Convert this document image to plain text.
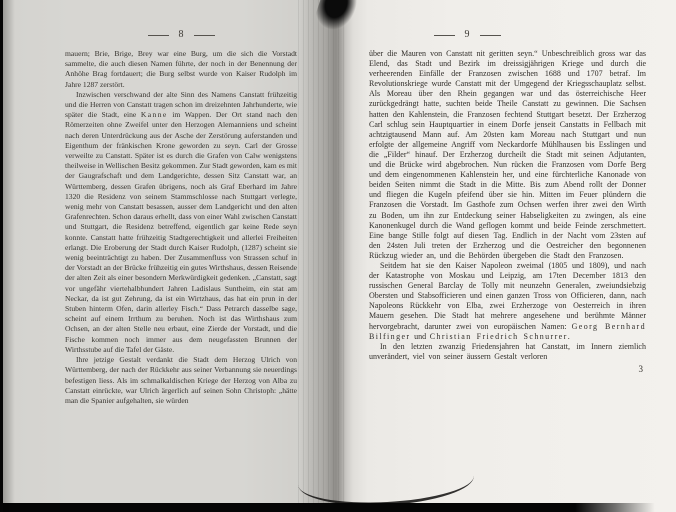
8

mauern; Brie, Brige, Brey war eine Burg, um die sich die Vorstadt sammelte, die auch diesen Namen führte, der noch in der Benennung der Anhöhe Brag fortdauert; die Burg selbst wurde von Kaiser Rudolph im Jahre 1287 zerstört.

Inzwischen verschwand der alte Sinn des Namens Canstatt frühzeitig und die Herren von Canstatt tragen schon im dreizehnten Jahrhunderte, wie später die Stadt, eine Kanne im Wappen. Der Ort stand nach den Römerzeiten ohne Zweifel unter den Herzogen Alemanniens und scheint nach deren Unterdrückung aus der Asche der Zerstörung auferstanden und Eigenthum der fränkischen Krone geworden zu seyn. Carl der Grosse verweilte zu Canstatt. Später ist es durch die Grafen von Calw wenigstens theilweise in Wellischen Besitz gekommen. Zur Stadt geworden, kam es mit der Gaugrafschaft und dem Landgerichte, dessen Sitz Canstatt war, an Württemberg, dessen Grafen übrigens, noch als Graf Eberhard im Jahre 1320 die Residenz von seinem Stammschlosse nach Stuttgart verlegte, wenig mehr von Canstatt besassen, ausser dem Landgericht und den alten Grafenrechten. Schon daraus erhellt, dass von einer Wahl zwischen Canstatt und Stuttgart, die Residenz betreffend, eigentlich gar keine Rede seyn konnte. Canstatt hatte frühzeitig Stadtgerechtigkeit und allerlei Freiheiten erlangt. Die Eroberung der Stadt durch Kaiser Rudolph, (1287) scheint sie wenig beeinträchtigt zu haben. Der Zusammenfluss von Strassen schuf in der Vorstadt an der Brücke frühzeitig ein gutes Wirthshaus, dessen Reisende der alten Zeit als einer besondern Merkwürdigkeit gedenken. „Canstatt, sagt vor ungefähr viertehalbhundert Jahren Ladislaus Suntheim, ein stat am Neckar, da ist gut Zehrung, da ist ein Wirtzhaus, das hat ein prun in der Stuben hinterm Ofen, darin allerley Fisch.“ Dass Petrarch dasselbe sage, scheint auf einem Irrthum zu beruhen. Noch ist das Wirthshaus zum Ochsen, an der alten Stelle neu erbaut, eine Zierde der Vorstadt, und die Fische kommen noch immer aus dem neugefassten Brunnen der Wirthsstube auf die Tafel der Gäste.

Ihre jetzige Gestalt verdankt die Stadt dem Herzog Ulrich von Württemberg, der nach der Rückkehr aus seiner Verbannung sie neuerdings befestigen liess. Als im schmalkaldischen Kriege der Herzog von Alba zu Canstatt einrückte, war Ulrich ärgerlich auf seinen Sohn Christoph: „hätte man die Spanier aufgehalten, sie würden

9

über die Mauren von Canstatt nit geritten seyn.“ Unbeschreiblich gross war das Elend, das Stadt und Bezirk im dreissigjährigen Kriege und durch die verheerenden Einfälle der Franzosen zwischen 1688 und 1707 betraf. Im Revolutionskriege wurde Canstatt mit der Umgegend der Kriegsschauplatz selbst. Als Moreau über den Rhein gegangen war und das österreichische Heer zurückgedrängt hatte, suchten beide Theile Canstatt zu gewinnen. Die Sachsen hatten den Kahlenstein, die Franzosen fechtend Stuttgart besetzt. Der Erzherzog Carl schlug sein Hauptquartier in einem Dorfe jenseit Canstatts in Fellbach mit achtzigtausend Mann auf. Am 20sten kam Moreau nach Stuttgart und nun erfolgte der allgemeine Angriff vom Neckardorfe Mühlhausen bis Esslingen und die „Filder“ hinauf. Der Erzherzog durcheilt die Stadt mit seinen Adjutanten, und die Brücke wird abgebrochen. Nun rücken die Franzosen vom Dorfe Berg und dem eingenommenen Kahlenstein her, und eine fürchterliche Kanonade von beiden Seiten nimmt die Stadt in die Mitte. Bis zum Abend rollt der Donner und fliegen die Kugeln pfeifend über sie hin. Mitten im Feuer plündern die Franzosen die Vorstadt. Im Gasthofe zum Ochsen werfen ihrer zwei den Wirth zu Boden, um ihn zur Entdeckung seiner Habseligkeiten zu zwingen, als eine Kanonenkugel durch die Wand geflogen kommt und beide Feinde zerschmettert. Eine bange Stille folgt auf diesen Tag. Endlich in der Nacht vom 23sten auf den 24sten Juli treten der Erzherzog und die Oestreicher den begonnenen Rückzug wieder an, und die Behörden übergeben die Stadt den Franzosen.

Seitdem hat sie den Kaiser Napoleon zweimal (1805 und 1809), und nach der Katastrophe von Moskau und Leipzig, am 17ten December 1813 den russischen General Barclay de Tolly mit neunzehn Generalen, zweiundsiebzig Obersten und Stabsofficieren und einen ganzen Tross von Officieren, dann, nach Napoleons Rückkehr von Elba, zwei Erzherzoge von Oesterreich in ihren Mauern gesehen. Die Stadt hat mehrere angesehene und berühmte Männer hervorgebracht, darunter zwei von europäischen Namen: Georg Bernhard Bilfinger und Christian Friedrich Schnurrer.

In den letzten zwanzig Friedensjahren hat Canstatt, im Innern ziemlich unverändert, viel von seiner äussern Gestalt verloren

3
